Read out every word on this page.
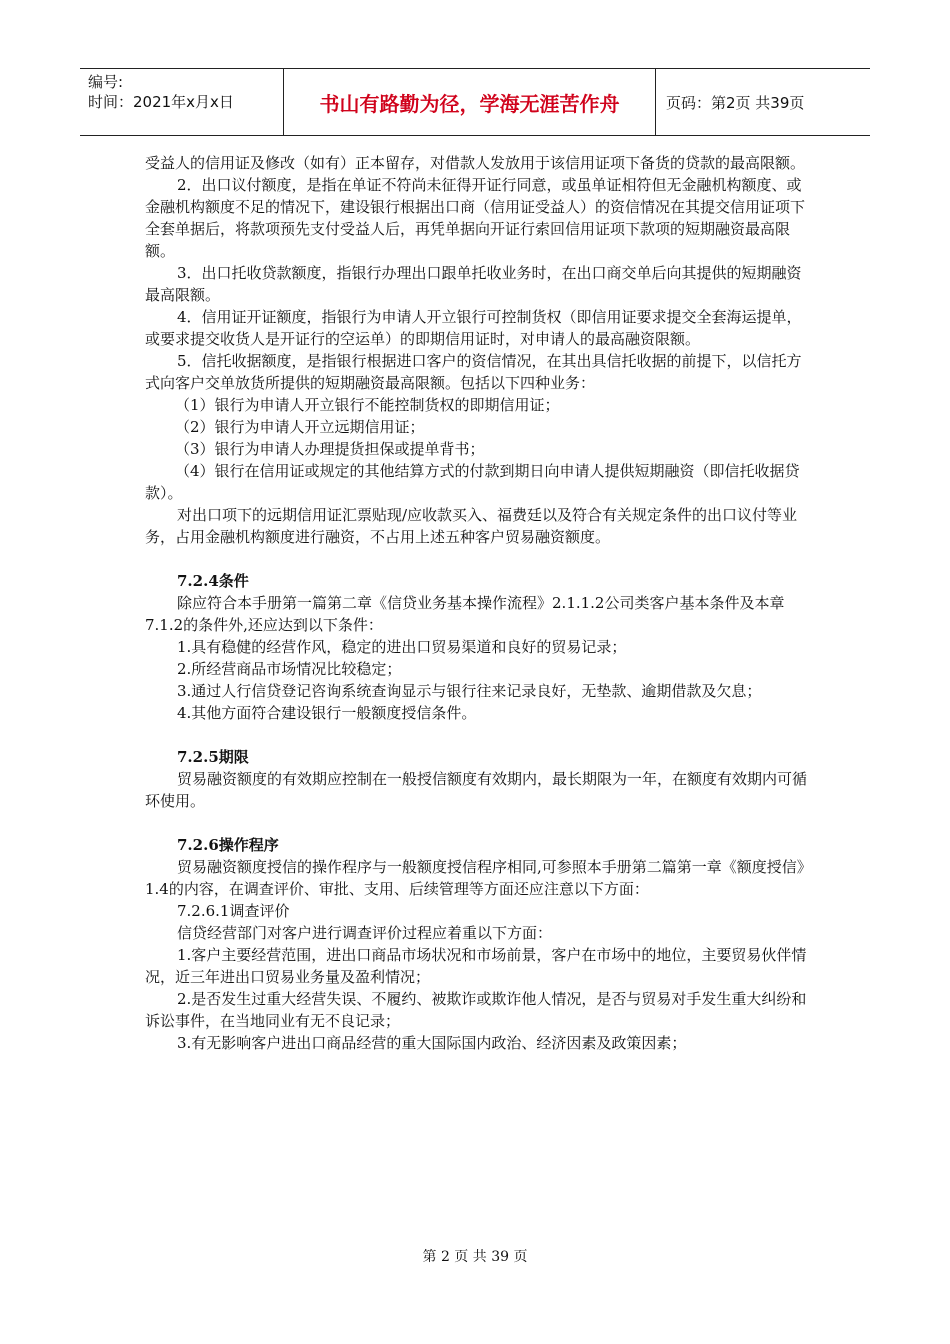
编号:
时间：2021年x月x日	书山有路勤为径，学海无涯苦作舟	页码：第2页 共39页

受益人的信用证及修改（如有）正本留存，对借款人发放用于该信用证项下备货的贷款的最高限额。

2．出口议付额度，是指在单证不符尚未征得开证行同意，或虽单证相符但无金融机构额度、或金融机构额度不足的情况下，建设银行根据出口商（信用证受益人）的资信情况在其提交信用证项下全套单据后，将款项预先支付受益人后，再凭单据向开证行索回信用证项下款项的短期融资最高限额。

3．出口托收贷款额度，指银行办理出口跟单托收业务时，在出口商交单后向其提供的短期融资最高限额。

4．信用证开证额度，指银行为申请人开立银行可控制货权（即信用证要求提交全套海运提单，或要求提交收货人是开证行的空运单）的即期信用证时，对申请人的最高融资限额。

5．信托收据额度，是指银行根据进口客户的资信情况，在其出具信托收据的前提下，以信托方式向客户交单放货所提供的短期融资最高限额。包括以下四种业务：

（1）银行为申请人开立银行不能控制货权的即期信用证；

（2）银行为申请人开立远期信用证；

（3）银行为申请人办理提货担保或提单背书；

（4）银行在信用证或规定的其他结算方式的付款到期日向申请人提供短期融资（即信托收据贷款）。

对出口项下的远期信用证汇票贴现/应收款买入、福费廷以及符合有关规定条件的出口议付等业务，占用金融机构额度进行融资，不占用上述五种客户贸易融资额度。

7.2.4条件

除应符合本手册第一篇第二章《信贷业务基本操作流程》2.1.1.2公司类客户基本条件及本章7.1.2的条件外,还应达到以下条件：

1.具有稳健的经营作风，稳定的进出口贸易渠道和良好的贸易记录；

2.所经营商品市场情况比较稳定；

3.通过人行信贷登记咨询系统查询显示与银行往来记录良好，无垫款、逾期借款及欠息；

4.其他方面符合建设银行一般额度授信条件。

7.2.5期限

贸易融资额度的有效期应控制在一般授信额度有效期内，最长期限为一年，在额度有效期内可循环使用。

7.2.6操作程序

贸易融资额度授信的操作程序与一般额度授信程序相同,可参照本手册第二篇第一章《额度授信》1.4的内容，在调查评价、审批、支用、后续管理等方面还应注意以下方面：

7.2.6.1调查评价

信贷经营部门对客户进行调查评价过程应着重以下方面：

1.客户主要经营范围，进出口商品市场状况和市场前景，客户在市场中的地位，主要贸易伙伴情况，近三年进出口贸易业务量及盈利情况；

2.是否发生过重大经营失误、不履约、被欺诈或欺诈他人情况，是否与贸易对手发生重大纠纷和诉讼事件，在当地同业有无不良记录；

3.有无影响客户进出口商品经营的重大国际国内政治、经济因素及政策因素；

第 2 页 共 39 页
